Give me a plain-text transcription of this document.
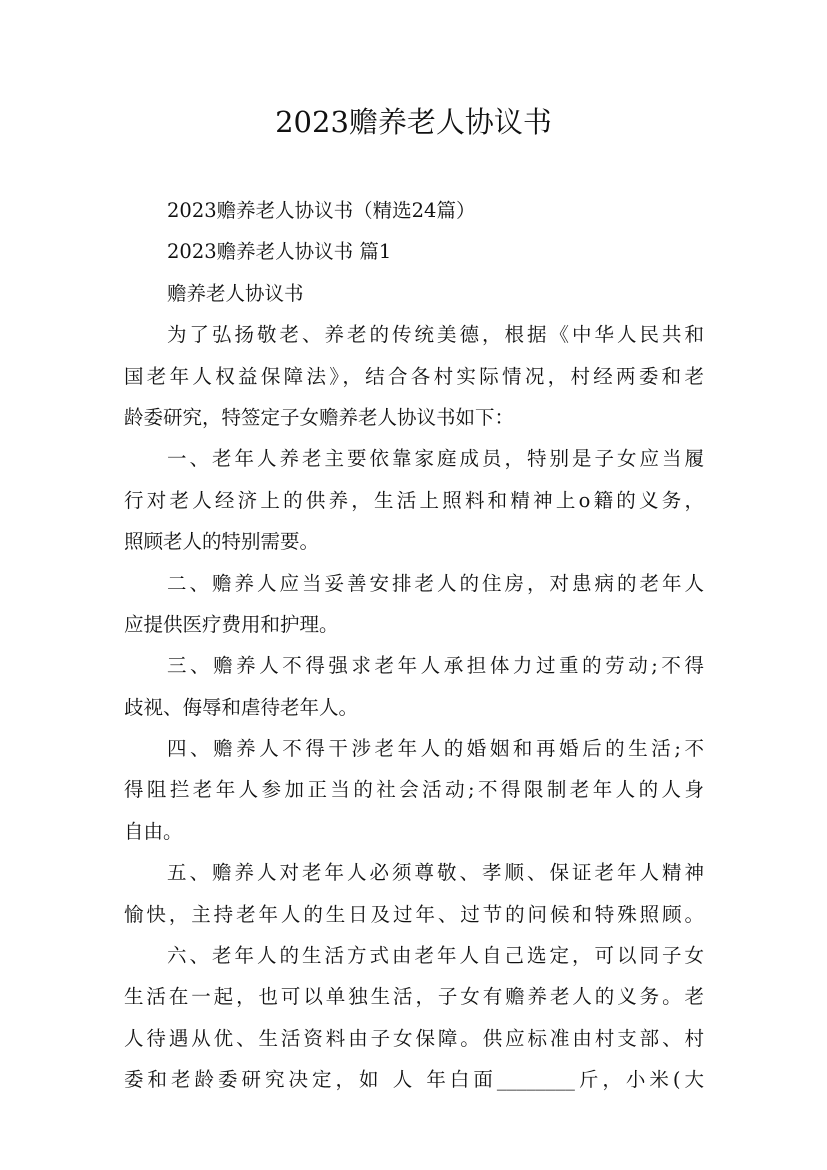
2023赡养老人协议书
2023赡养老人协议书（精选24篇）
2023赡养老人协议书 篇1
赡养老人协议书
为了弘扬敬老、养老的传统美德，根据《中华人民共和
国老年人权益保障法》，结合各村实际情况，村经两委和老
龄委研究，特签定子女赡养老人协议书如下：
一、老年人养老主要依靠家庭成员，特别是子女应当履
行对老人经济上的供养，生活上照料和精神上o籍的义务，
照顾老人的特别需要。
二、赡养人应当妥善安排老人的住房，对患病的老年人
应提供医疗费用和护理。
三、赡养人不得强求老年人承担体力过重的劳动;不得
歧视、侮辱和虐待老年人。
四、赡养人不得干涉老年人的婚姻和再婚后的生活;不
得阻拦老年人参加正当的社会活动;不得限制老年人的人身
自由。
五、赡养人对老年人必须尊敬、孝顺、保证老年人精神
愉快，主持老年人的生日及过年、过节的问候和特殊照顾。
六、老年人的生活方式由老年人自己选定，可以同子女
生活在一起，也可以单独生活，子女有赡养老人的义务。老
人待遇从优、生活资料由子女保障。供应标准由村支部、村
委和老龄委研究决定，如 人 年白面________斤，小米(大
